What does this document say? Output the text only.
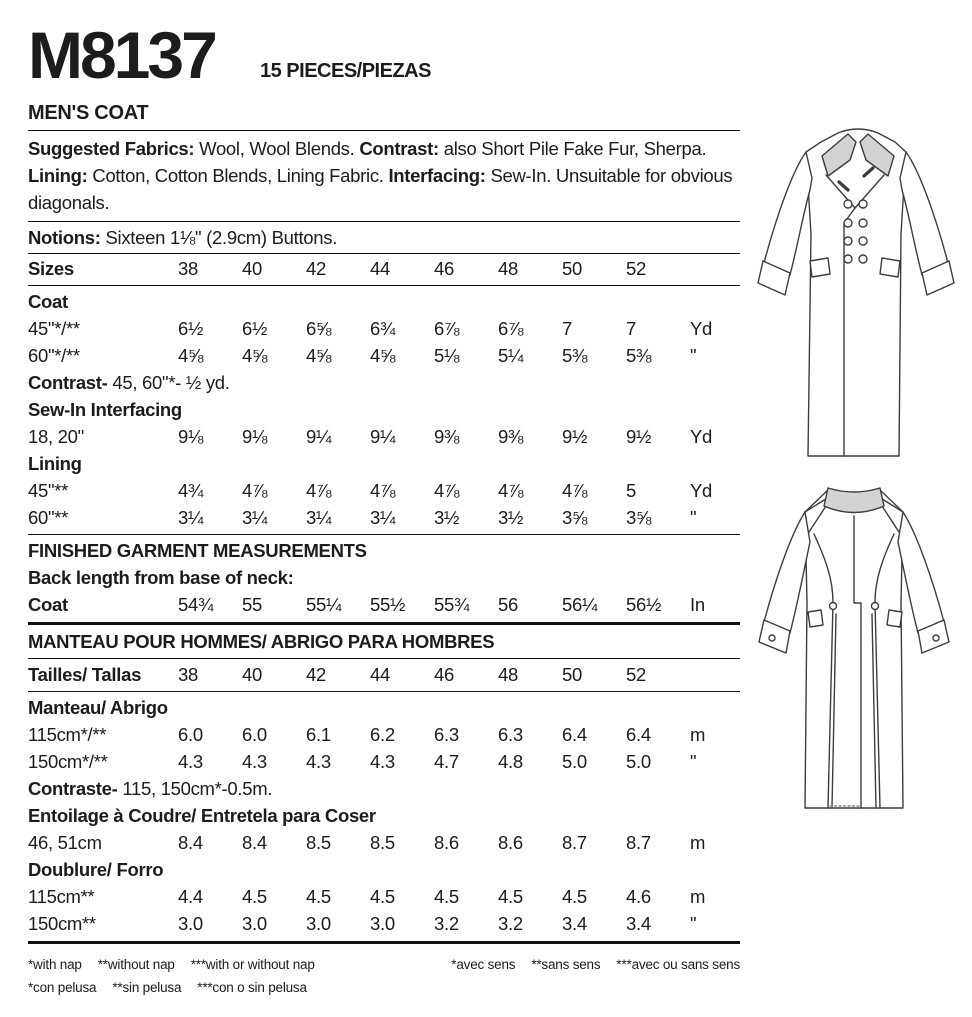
M8137	15 PIECES/PIEZAS
MEN'S COAT

Suggested Fabrics: Wool, Wool Blends. Contrast: also Short Pile Fake Fur, Sherpa.
Lining: Cotton, Cotton Blends, Lining Fabric. Interfacing: Sew-In. Unsuitable for obvious diagonals.

Notions: Sixteen 1⅛" (2.9cm) Buttons.
Sizes	38	40	42	44	46	48	50	52
Coat
45"*/**	6½	6½	6⅝	6¾	6⅞	6⅞	7	7	Yd
60"*/**	4⅝	4⅝	4⅝	4⅝	5⅛	5¼	5⅜	5⅜	"
Contrast- 45, 60"*- ½ yd.
Sew-In Interfacing
18, 20"	9⅛	9⅛	9¼	9¼	9⅜	9⅜	9½	9½	Yd
Lining
45"**	4¾	4⅞	4⅞	4⅞	4⅞	4⅞	4⅞	5	Yd
60"**	3¼	3¼	3¼	3¼	3½	3½	3⅝	3⅝	"
FINISHED GARMENT MEASUREMENTS
Back length from base of neck:
Coat	54¾	55	55¼	55½	55¾	56	56¼	56½	In
MANTEAU POUR HOMMES/ ABRIGO PARA HOMBRES
Tailles/ Tallas	38	40	42	44	46	48	50	52
Manteau/ Abrigo
115cm*/**	6.0	6.0	6.1	6.2	6.3	6.3	6.4	6.4	m
150cm*/**	4.3	4.3	4.3	4.3	4.7	4.8	5.0	5.0	"
Contraste- 115, 150cm*-0.5m.
Entoilage à Coudre/ Entretela para Coser
46, 51cm	8.4	8.4	8.5	8.5	8.6	8.6	8.7	8.7	m
Doublure/ Forro
115cm**	4.4	4.5	4.5	4.5	4.5	4.5	4.5	4.6	m
150cm**	3.0	3.0	3.0	3.0	3.2	3.2	3.4	3.4	"
*with nap **without nap ***with or without nap
*con pelusa **sin pelusa ***con o sin pelusa
*avec sens **sans sens ***avec ou sans sens
